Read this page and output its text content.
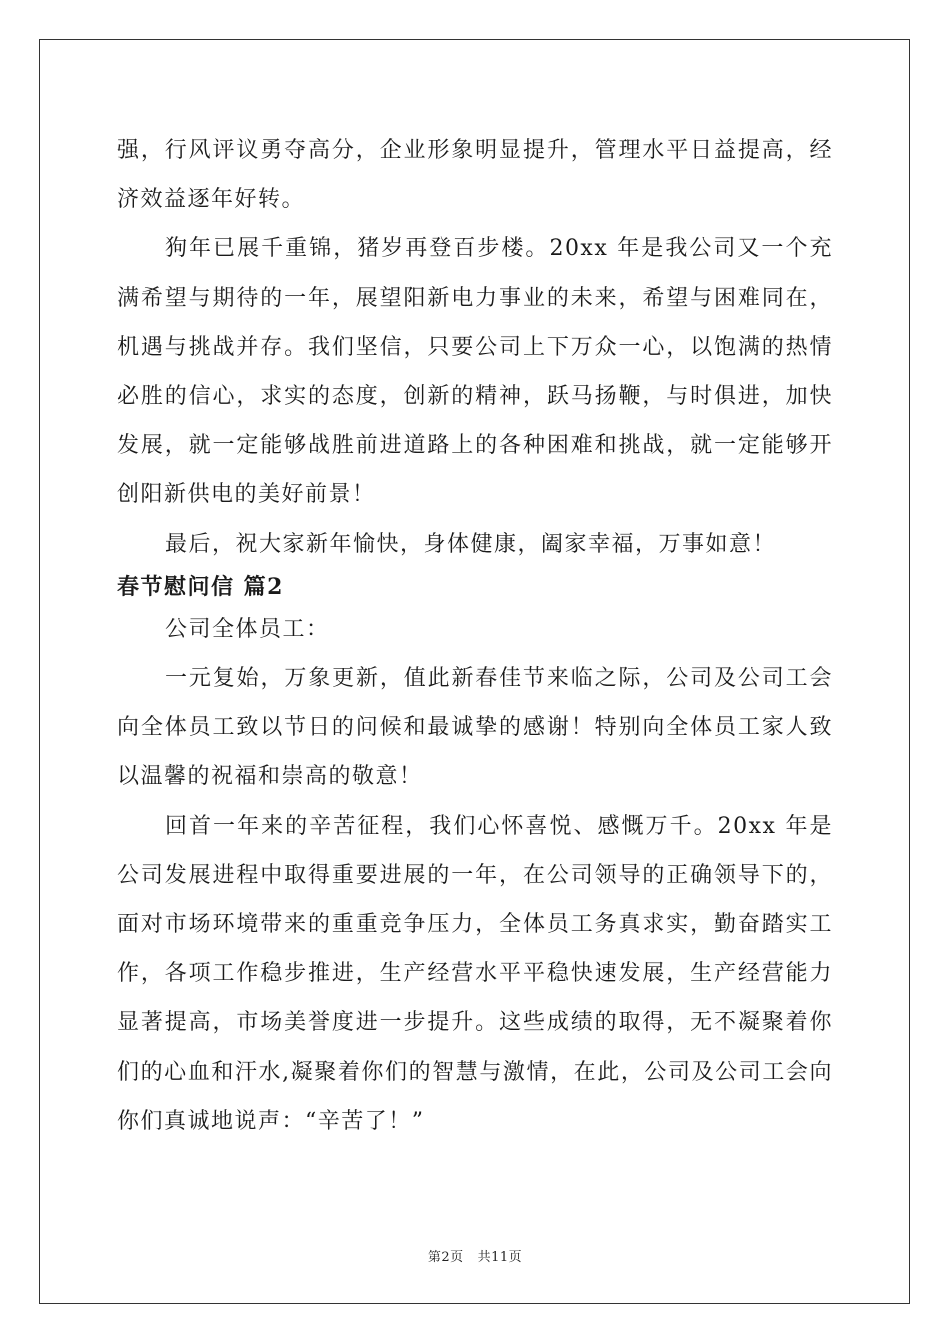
强，行风评议勇夺高分，企业形象明显提升，管理水平日益提高，经济效益逐年好转。

狗年已展千重锦，猪岁再登百步楼。20xx 年是我公司又一个充满希望与期待的一年，展望阳新电力事业的未来，希望与困难同在，机遇与挑战并存。我们坚信，只要公司上下万众一心，以饱满的热情必胜的信心，求实的态度，创新的精神，跃马扬鞭，与时俱进，加快发展，就一定能够战胜前进道路上的各种困难和挑战，就一定能够开创阳新供电的美好前景！

最后，祝大家新年愉快，身体健康，阖家幸福，万事如意！

春节慰问信 篇2

公司全体员工：

一元复始，万象更新，值此新春佳节来临之际，公司及公司工会向全体员工致以节日的问候和最诚挚的感谢！特别向全体员工家人致以温馨的祝福和崇高的敬意！

回首一年来的辛苦征程，我们心怀喜悦、感慨万千。20xx 年是公司发展进程中取得重要进展的一年，在公司领导的正确领导下的，面对市场环境带来的重重竞争压力，全体员工务真求实，勤奋踏实工作，各项工作稳步推进，生产经营水平平稳快速发展，生产经营能力显著提高，市场美誉度进一步提升。这些成绩的取得，无不凝聚着你们的心血和汗水,凝聚着你们的智慧与激情，在此，公司及公司工会向你们真诚地说声：“辛苦了！”

第2页 共11页
